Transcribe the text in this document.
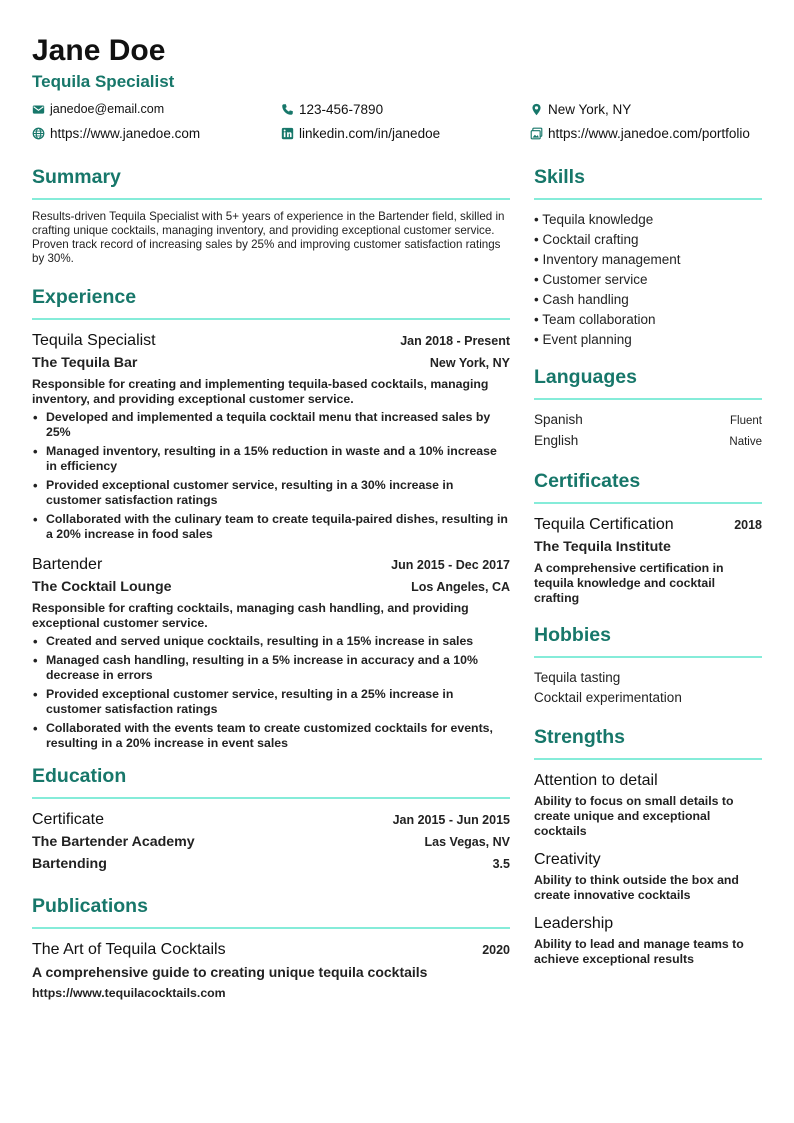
Jane Doe
Tequila Specialist
janedoe@email.com	123-456-7890	New York, NY
https://www.janedoe.com	linkedin.com/in/janedoe	https://www.janedoe.com/portfolio
Summary
Results-driven Tequila Specialist with 5+ years of experience in the Bartender field, skilled in crafting unique cocktails, managing inventory, and providing exceptional customer service. Proven track record of increasing sales by 25% and improving customer satisfaction ratings by 30%.
Experience
Tequila Specialist	Jan 2018 - Present
The Tequila Bar	New York, NY
Responsible for creating and implementing tequila-based cocktails, managing inventory, and providing exceptional customer service.
• Developed and implemented a tequila cocktail menu that increased sales by 25%
• Managed inventory, resulting in a 15% reduction in waste and a 10% increase in efficiency
• Provided exceptional customer service, resulting in a 30% increase in customer satisfaction ratings
• Collaborated with the culinary team to create tequila-paired dishes, resulting in a 20% increase in food sales
Bartender	Jun 2015 - Dec 2017
The Cocktail Lounge	Los Angeles, CA
Responsible for crafting cocktails, managing cash handling, and providing exceptional customer service.
• Created and served unique cocktails, resulting in a 15% increase in sales
• Managed cash handling, resulting in a 5% increase in accuracy and a 10% decrease in errors
• Provided exceptional customer service, resulting in a 25% increase in customer satisfaction ratings
• Collaborated with the events team to create customized cocktails for events, resulting in a 20% increase in event sales
Education
Certificate	Jan 2015 - Jun 2015
The Bartender Academy	Las Vegas, NV
Bartending	3.5
Publications
The Art of Tequila Cocktails	2020
A comprehensive guide to creating unique tequila cocktails
https://www.tequilacocktails.com
Skills
• Tequila knowledge
• Cocktail crafting
• Inventory management
• Customer service
• Cash handling
• Team collaboration
• Event planning
Languages
Spanish	Fluent
English	Native
Certificates
Tequila Certification	2018
The Tequila Institute
A comprehensive certification in tequila knowledge and cocktail crafting
Hobbies
Tequila tasting
Cocktail experimentation
Strengths
Attention to detail
Ability to focus on small details to create unique and exceptional cocktails
Creativity
Ability to think outside the box and create innovative cocktails
Leadership
Ability to lead and manage teams to achieve exceptional results
